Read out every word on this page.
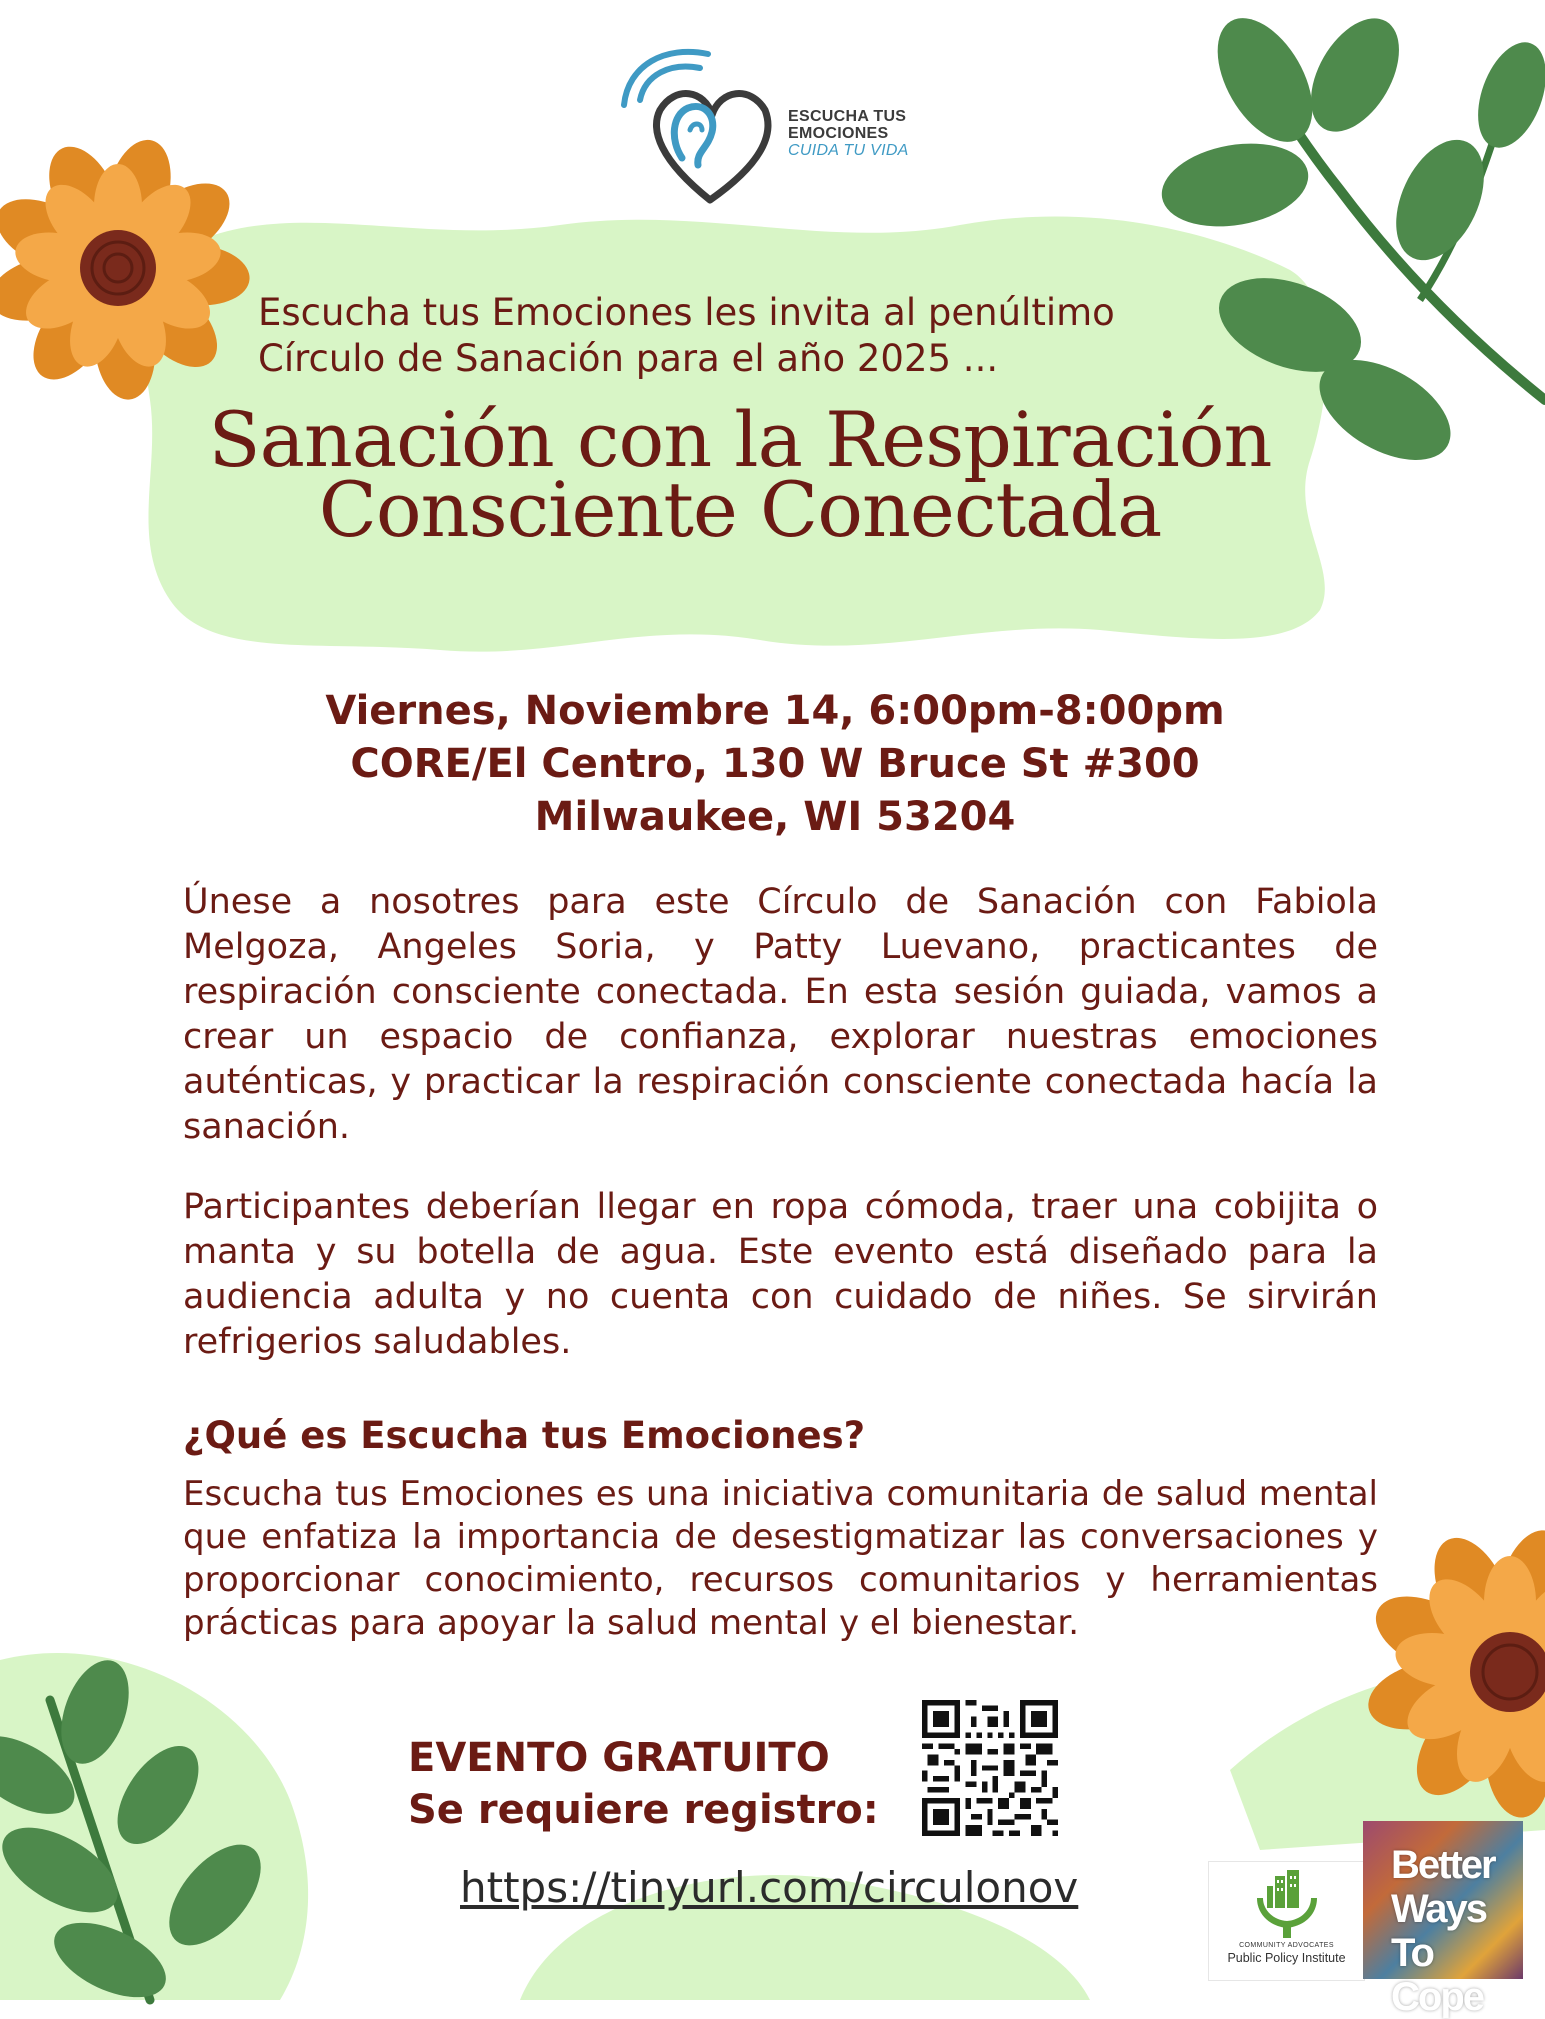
ESCUCHA TUS
EMOCIONES
CUIDA TU VIDA
Escucha tus Emociones les invita al penúltimo
Círculo de Sanación para el año 2025 ...
Sanación con la Respiración
Consciente Conectada
Viernes, Noviembre 14, 6:00pm-8:00pm
CORE/El Centro, 130 W Bruce St #300
Milwaukee, WI 53204
Únese a nosotres para este Círculo de Sanación con Fabiola Melgoza, Angeles Soria, y Patty Luevano, practicantes de respiración consciente conectada. En esta sesión guiada, vamos a crear un espacio de confianza, explorar nuestras emociones auténticas, y practicar la respiración consciente conectada hacía la sanación.
Participantes deberían llegar en ropa cómoda, traer una cobijita o manta y su botella de agua. Este evento está diseñado para la audiencia adulta y no cuenta con cuidado de niñes. Se sirvirán refrigerios saludables.
¿Qué es Escucha tus Emociones?
Escucha tus Emociones es una iniciativa comunitaria de salud mental que enfatiza la importancia de desestigmatizar las conversaciones y proporcionar conocimiento, recursos comunitarios y herramientas prácticas para apoyar la salud mental y el bienestar.
EVENTO GRATUITO
Se requiere registro:
https://tinyurl.com/circulonov
COMMUNITY ADVOCATES
Public Policy Institute
Better Ways To Cope
